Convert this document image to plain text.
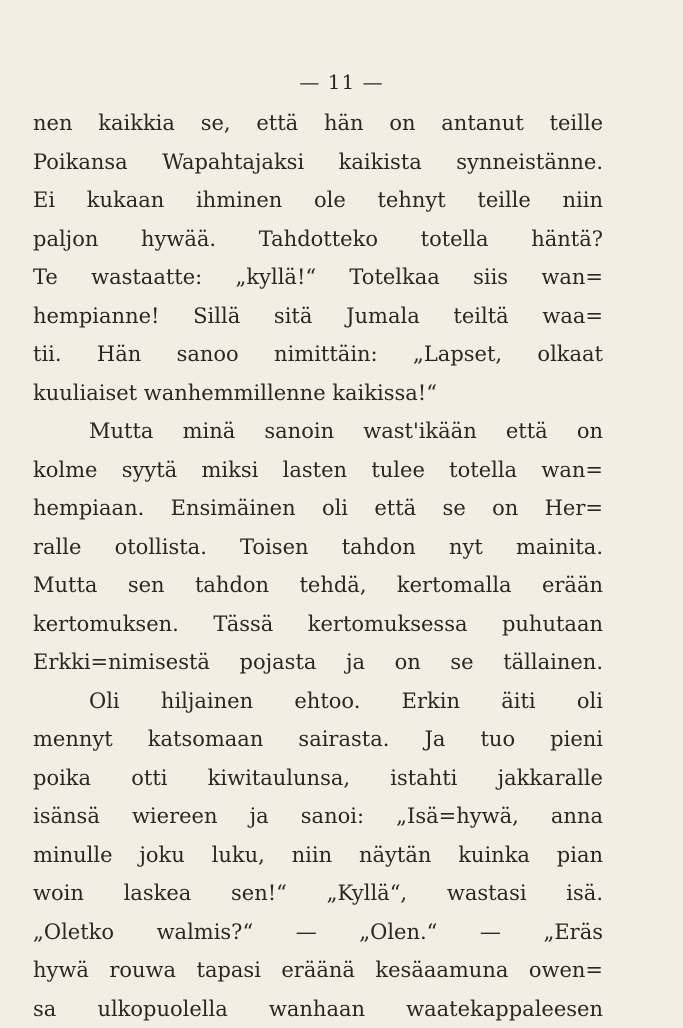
— 11 —
nen kaikkia se, että hän on antanut teille
Poikansa Wapahtajaksi kaikista synneistänne.
Ei kukaan ihminen ole tehnyt teille niin
paljon hywää. Tahdotteko totella häntä?
Te wastaatte: „kyllä!“ Totelkaa siis wan=
hempianne! Sillä sitä Jumala teiltä waa=
tii. Hän sanoo nimittäin: „Lapset, olkaat
kuuliaiset wanhemmillenne kaikissa!“
Mutta minä sanoin wast'ikään että on
kolme syytä miksi lasten tulee totella wan=
hempiaan. Ensimäinen oli että se on Her=
ralle otollista. Toisen tahdon nyt mainita.
Mutta sen tahdon tehdä, kertomalla erään
kertomuksen. Tässä kertomuksessa puhutaan
Erkki=nimisestä pojasta ja on se tällainen.
Oli hiljainen ehtoo. Erkin äiti oli
mennyt katsomaan sairasta. Ja tuo pieni
poika otti kiwitaulunsa, istahti jakkaralle
isänsä wiereen ja sanoi: „Isä=hywä, anna
minulle joku luku, niin näytän kuinka pian
woin laskea sen!“ „Kyllä“, wastasi isä.
„Oletko walmis?“ — „Olen.“ — „Eräs
hywä rouwa tapasi eräänä kesäaamuna owen=
sa ulkopuolella wanhaan waatekappaleesen
